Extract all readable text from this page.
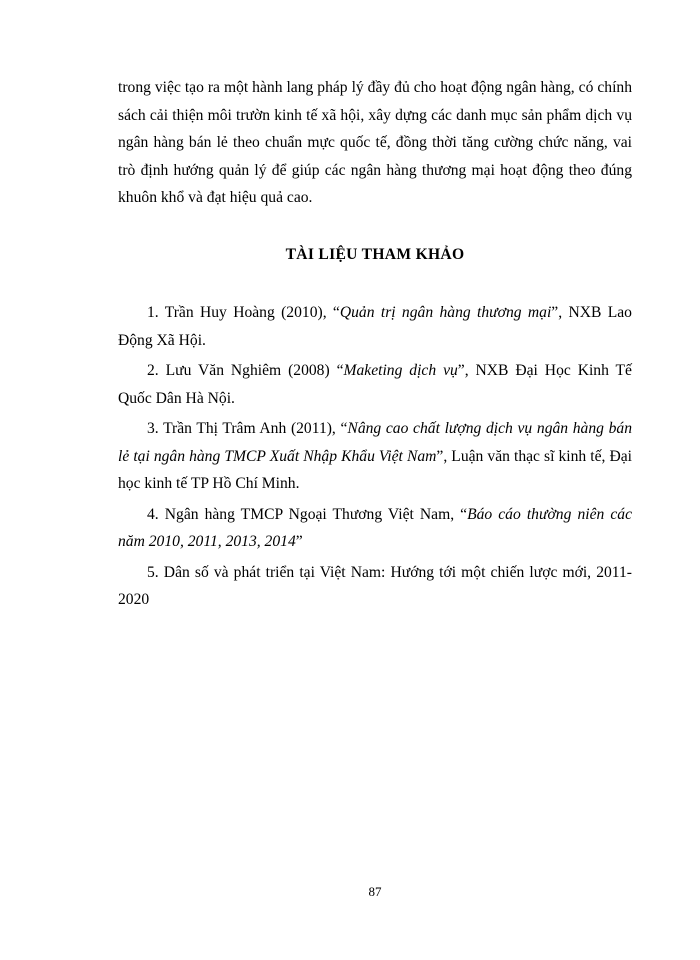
trong việc tạo ra một hành lang pháp lý đầy đủ cho hoạt động ngân hàng, có chính sách cải thiện môi trườn kinh tế xã hội, xây dựng các danh mục sản phẩm dịch vụ ngân hàng bán lẻ theo chuẩn mực quốc tế, đồng thời tăng cường chức năng, vai trò định hướng quản lý để giúp các ngân hàng thương mại hoạt động theo đúng khuôn khổ và đạt hiệu quả cao.

TÀI LIỆU THAM KHẢO
1. Trần Huy Hoàng (2010), “Quản trị ngân hàng thương mại”, NXB Lao Động Xã Hội.
2. Lưu Văn Nghiêm (2008) “Maketing dịch vụ”, NXB Đại Học Kinh Tế Quốc Dân Hà Nội.
3. Trần Thị Trâm Anh (2011), “Nâng cao chất lượng dịch vụ ngân hàng bán lẻ tại ngân hàng TMCP Xuất Nhập Khẩu Việt Nam”, Luận văn thạc sĩ kinh tế, Đại học kinh tế TP Hồ Chí Minh.
4. Ngân hàng TMCP Ngoại Thương Việt Nam, “Báo cáo thường niên các năm 2010, 2011, 2013, 2014”
5. Dân số và phát triển tại Việt Nam: Hướng tới một chiến lược mới, 2011-2020

87
